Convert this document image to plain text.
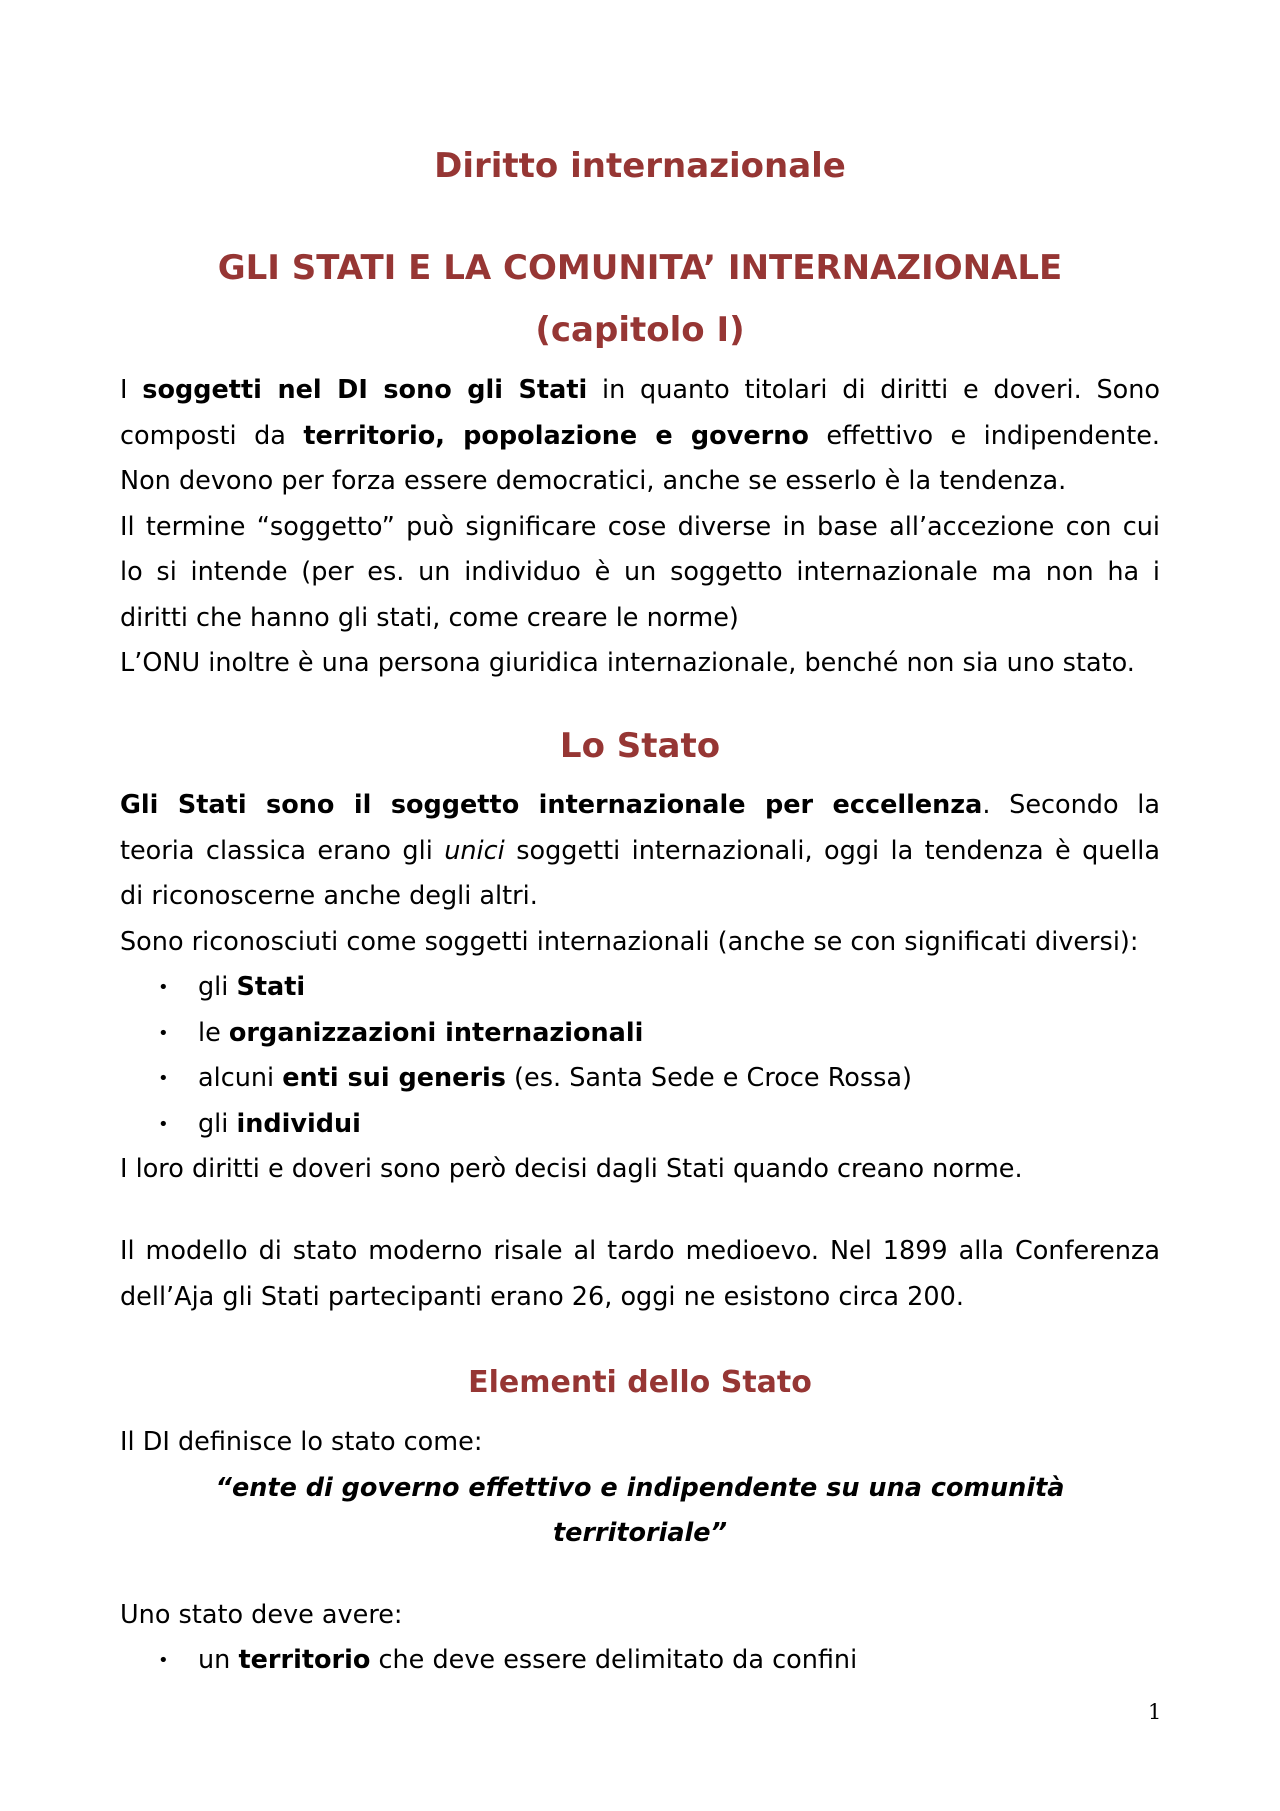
Diritto internazionale
GLI STATI E LA COMUNITA’ INTERNAZIONALE
(capitolo I)

I soggetti nel DI sono gli Stati in quanto titolari di diritti e doveri. Sono
composti da territorio, popolazione e governo effettivo e indipendente.
Non devono per forza essere democratici, anche se esserlo è la tendenza.

Il termine “soggetto” può significare cose diverse in base all’accezione con cui
lo si intende (per es. un individuo è un soggetto internazionale ma non ha i
diritti che hanno gli stati, come creare le norme)

L’ONU inoltre è una persona giuridica internazionale, benché non sia uno stato.

Lo Stato

Gli Stati sono il soggetto internazionale per eccellenza. Secondo la
teoria classica erano gli unici soggetti internazionali, oggi la tendenza è quella
di riconoscerne anche degli altri.

Sono riconosciuti come soggetti internazionali (anche se con significati diversi):

• gli Stati
• le organizzazioni internazionali
• alcuni enti sui generis (es. Santa Sede e Croce Rossa)
• gli individui

I loro diritti e doveri sono però decisi dagli Stati quando creano norme.

Il modello di stato moderno risale al tardo medioevo. Nel 1899 alla Conferenza
dell’Aja gli Stati partecipanti erano 26, oggi ne esistono circa 200.

Elementi dello Stato

Il DI definisce lo stato come:

“ente di governo effettivo e indipendente su una comunità

territoriale”

Uno stato deve avere:

• un territorio che deve essere delimitato da confini
1
